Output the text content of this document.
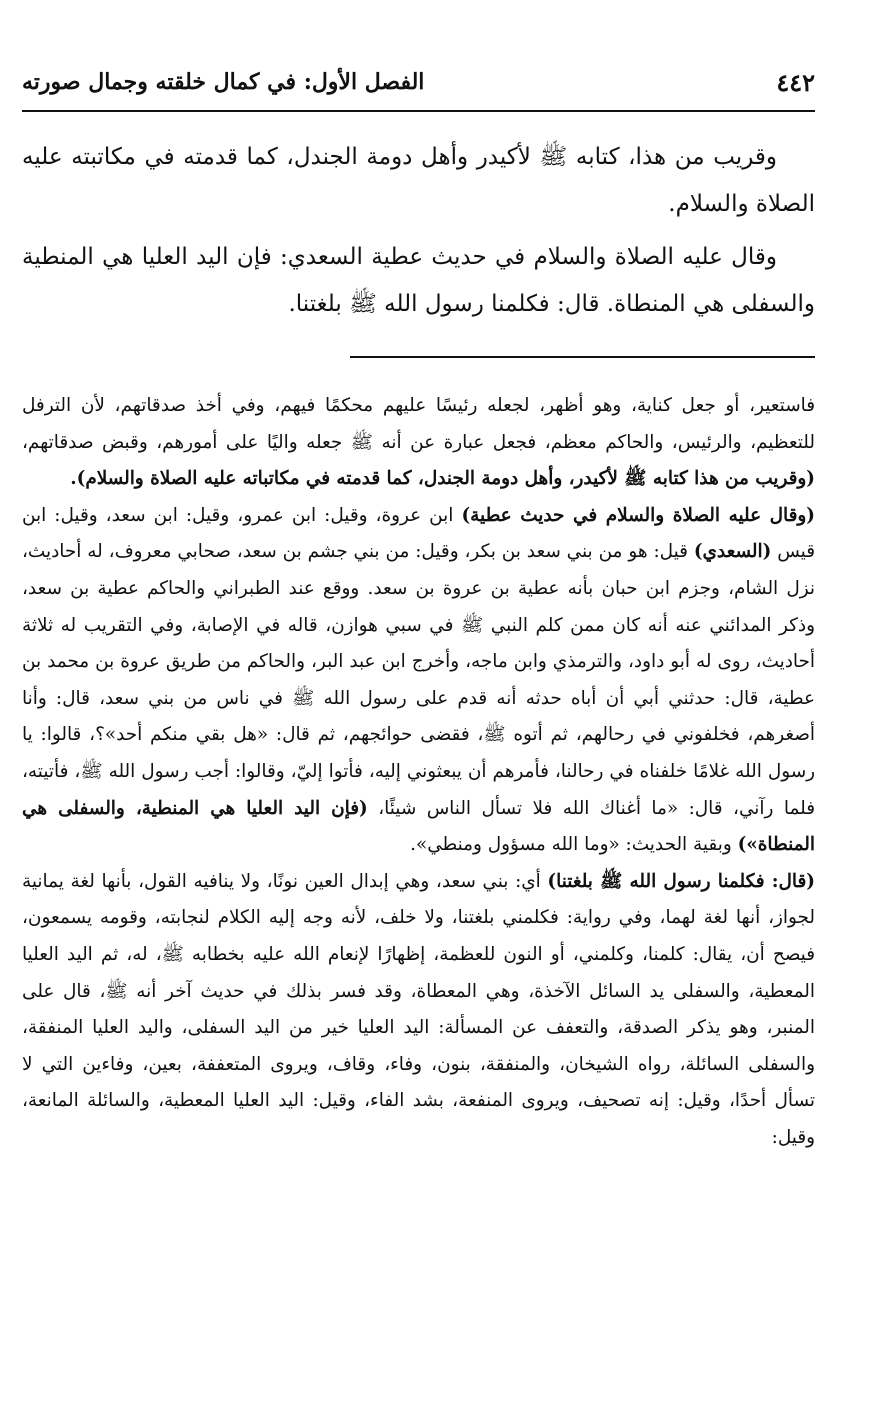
٤٤٢
الفصل الأول: في كمال خلقته وجمال صورته

وقريب من هذا، كتابه ﷺ لأكيدر وأهل دومة الجندل، كما قدمته في مكاتبته عليه الصلاة والسلام.

وقال عليه الصلاة والسلام في حديث عطية السعدي: فإن اليد العليا هي المنطية والسفلى هي المنطاة. قال: فكلمنا رسول الله ﷺ بلغتنا.

فاستعير، أو جعل كناية، وهو أظهر، لجعله رئيسًا عليهم محكمًا فيهم، وفي أخذ صدقاتهم، لأن الترفل للتعظيم، والرئيس، والحاكم معظم، فجعل عبارة عن أنه ﷺ جعله واليًا على أمورهم، وقبض صدقاتهم، (وقريب من هذا كتابه ﷺ لأكيدر، وأهل دومة الجندل، كما قدمته في مكاتباته عليه الصلاة والسلام).

(وقال عليه الصلاة والسلام في حديث عطية) ابن عروة، وقيل: ابن عمرو، وقيل: ابن سعد، وقيل: ابن قيس (السعدي) قيل: هو من بني سعد بن بكر، وقيل: من بني جشم بن سعد، صحابي معروف، له أحاديث، نزل الشام، وجزم ابن حبان بأنه عطية بن عروة بن سعد. ووقع عند الطبراني والحاكم عطية بن سعد، وذكر المدائني عنه أنه كان ممن كلم النبي ﷺ في سبي هوازن، قاله في الإصابة، وفي التقريب له ثلاثة أحاديث، روى له أبو داود، والترمذي وابن ماجه، وأخرج ابن عبد البر، والحاكم من طريق عروة بن محمد بن عطية، قال: حدثني أبي أن أباه حدثه أنه قدم على رسول الله ﷺ في ناس من بني سعد، قال: وأنا أصغرهم، فخلفوني في رحالهم، ثم أتوه ﷺ، فقضى حوائجهم، ثم قال: «هل بقي منكم أحد»؟، قالوا: يا رسول الله غلامًا خلفناه في رحالنا، فأمرهم أن يبعثوني إليه، فأتوا إليّ، وقالوا: أجب رسول الله ﷺ، فأتيته، فلما رآني، قال: «ما أغناك الله فلا تسأل الناس شيئًا، (فإن اليد العليا هي المنطية، والسفلى هي المنطاة») وبقية الحديث: «وما الله مسؤول ومنطي».

(قال: فكلمنا رسول الله ﷺ بلغتنا) أي: بني سعد، وهي إبدال العين نونًا، ولا ينافيه القول، بأنها لغة يمانية لجواز، أنها لغة لهما، وفي رواية: فكلمني بلغتنا، ولا خلف، لأنه وجه إليه الكلام لنجابته، وقومه يسمعون، فيصح أن، يقال: كلمنا، وكلمني، أو النون للعظمة، إظهارًا لإنعام الله عليه بخطابه ﷺ، له، ثم اليد العليا المعطية، والسفلى يد السائل الآخذة، وهي المعطاة، وقد فسر بذلك في حديث آخر أنه ﷺ، قال على المنبر، وهو يذكر الصدقة، والتعفف عن المسألة: اليد العليا خير من اليد السفلى، واليد العليا المنفقة، والسفلى السائلة، رواه الشيخان، والمنفقة، بنون، وفاء، وقاف، ويروى المتعففة، بعين، وفاءين التي لا تسأل أحدًا، وقيل: إنه تصحيف، ويروى المنفعة، بشد الفاء، وقيل: اليد العليا المعطية، والسائلة المانعة، وقيل:
